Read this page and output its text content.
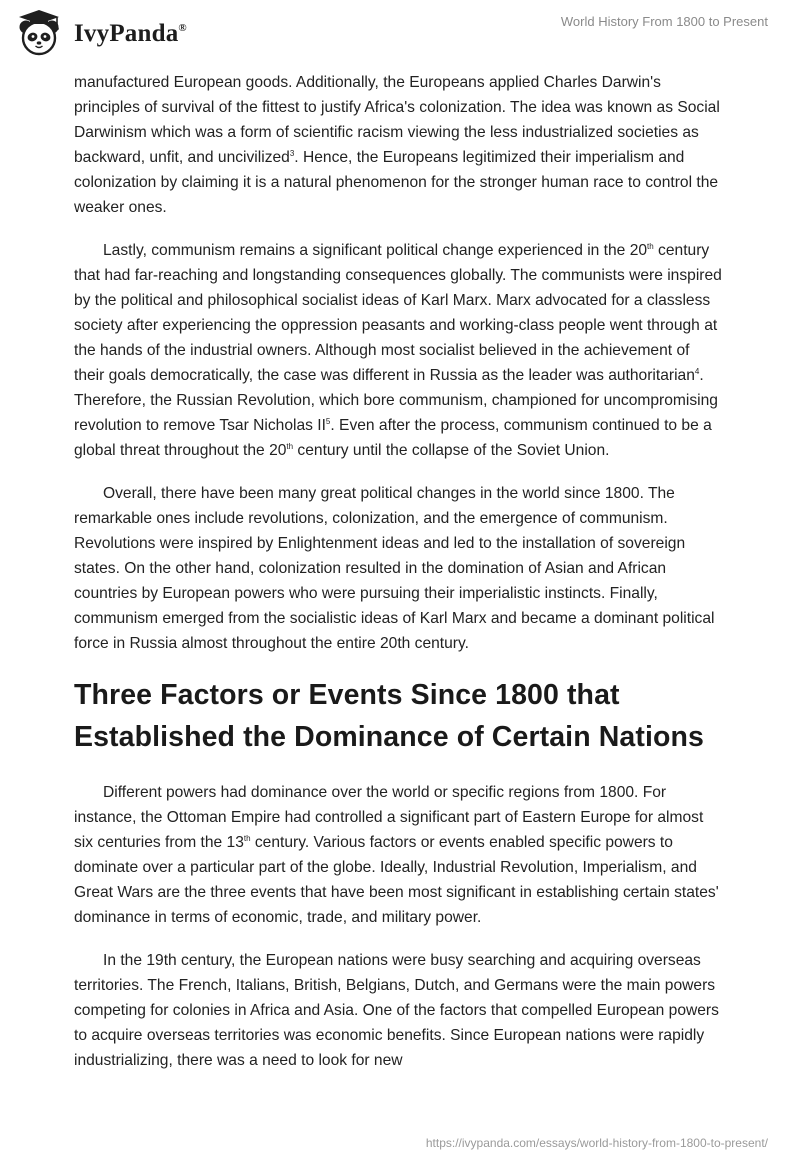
IvyPanda®	World History From 1800 to Present

manufactured European goods. Additionally, the Europeans applied Charles Darwin's principles of survival of the fittest to justify Africa's colonization. The idea was known as Social Darwinism which was a form of scientific racism viewing the less industrialized societies as backward, unfit, and uncivilized$^3$. Hence, the Europeans legitimized their imperialism and colonization by claiming it is a natural phenomenon for the stronger human race to control the weaker ones.

Lastly, communism remains a significant political change experienced in the 20th century that had far-reaching and longstanding consequences globally. The communists were inspired by the political and philosophical socialist ideas of Karl Marx. Marx advocated for a classless society after experiencing the oppression peasants and working-class people went through at the hands of the industrial owners. Although most socialist believed in the achievement of their goals democratically, the case was different in Russia as the leader was authoritarian$^4$. Therefore, the Russian Revolution, which bore communism, championed for uncompromising revolution to remove Tsar Nicholas $II^5$. Even after the process, communism continued to be a global threat throughout the 20th century until the collapse of the Soviet Union.

Overall, there have been many great political changes in the world since 1800. The remarkable ones include revolutions, colonization, and the emergence of communism. Revolutions were inspired by Enlightenment ideas and led to the installation of sovereign states. On the other hand, colonization resulted in the domination of Asian and African countries by European powers who were pursuing their imperialistic instincts. Finally, communism emerged from the socialistic ideas of Karl Marx and became a dominant political force in Russia almost throughout the entire 20th century.

Three Factors or Events Since 1800 that Established the Dominance of Certain Nations

Different powers had dominance over the world or specific regions from 1800. For instance, the Ottoman Empire had controlled a significant part of Eastern Europe for almost six centuries from the 13th century. Various factors or events enabled specific powers to dominate over a particular part of the globe. Ideally, Industrial Revolution, Imperialism, and Great Wars are the three events that have been most significant in establishing certain states' dominance in terms of economic, trade, and military power.

In the 19th century, the European nations were busy searching and acquiring overseas territories. The French, Italians, British, Belgians, Dutch, and Germans were the main powers competing for colonies in Africa and Asia. One of the factors that compelled European powers to acquire overseas territories was economic benefits. Since European nations were rapidly industrializing, there was a need to look for new

https://ivypanda.com/essays/world-history-from-1800-to-present/
